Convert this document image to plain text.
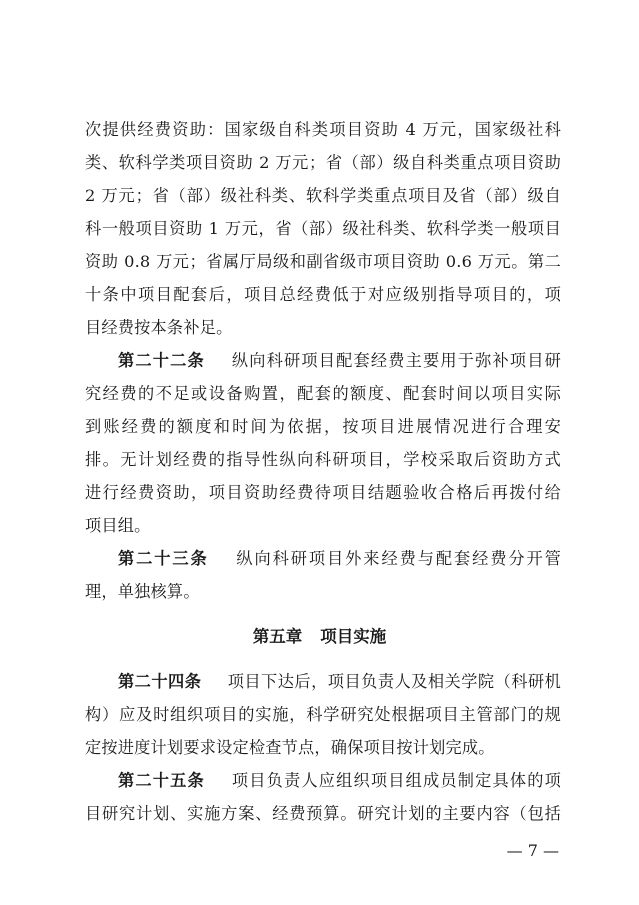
次提供经费资助：国家级自科类项目资助 4 万元，国家级社科
类、软科学类项目资助 2 万元；省（部）级自科类重点项目资助
2 万元；省（部）级社科类、软科学类重点项目及省（部）级自
科一般项目资助 1 万元，省（部）级社科类、软科学类一般项目
资助 0.8 万元；省属厅局级和副省级市项目资助 0.6 万元。第二
十条中项目配套后，项目总经费低于对应级别指导项目的，项
目经费按本条补足。
第二十二条 纵向科研项目配套经费主要用于弥补项目研
究经费的不足或设备购置，配套的额度、配套时间以项目实际
到账经费的额度和时间为依据，按项目进展情况进行合理安
排。无计划经费的指导性纵向科研项目，学校采取后资助方式
进行经费资助，项目资助经费待项目结题验收合格后再拨付给
项目组。
第二十三条 纵向科研项目外来经费与配套经费分开管
理，单独核算。
第五章 项目实施
第二十四条 项目下达后，项目负责人及相关学院（科研机
构）应及时组织项目的实施，科学研究处根据项目主管部门的规
定按进度计划要求设定检查节点，确保项目按计划完成。
第二十五条 项目负责人应组织项目组成员制定具体的项
目研究计划、实施方案、经费预算。研究计划的主要内容（包括
— 7 —
